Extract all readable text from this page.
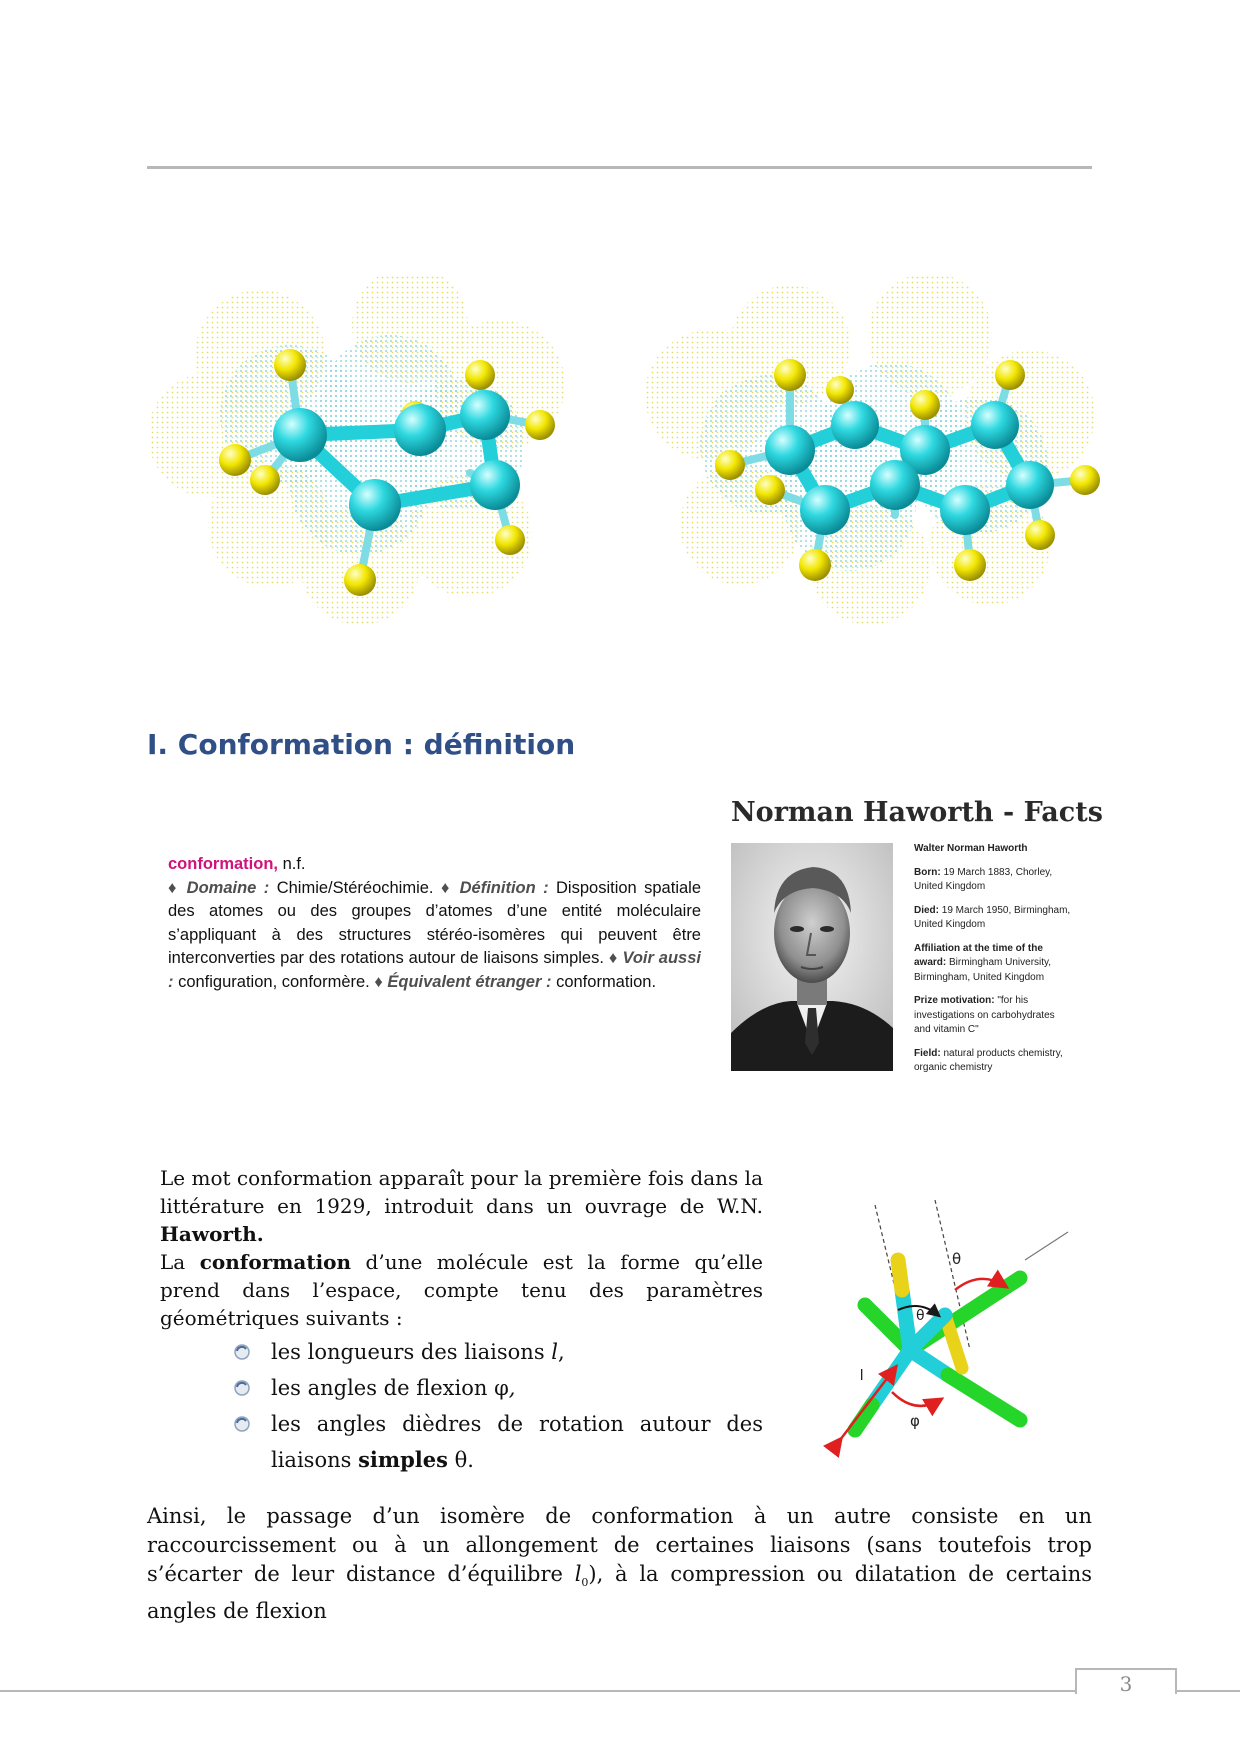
I. Conformation : définition
conformation, n.f.
♦ Domaine : Chimie/Stéréochimie. ♦ Définition : Disposition spatiale des atomes ou des groupes d’atomes d’une entité moléculaire s’appliquant à des structures stéréo-isomères qui peuvent être interconverties par des rotations autour de liaisons simples. ♦ Voir aussi : configuration, conformère. ♦ Équivalent étranger : conformation.
Norman Haworth - Facts
Walter Norman Haworth
Born: 19 March 1883, Chorley, United Kingdom
Died: 19 March 1950, Birmingham, United Kingdom
Affiliation at the time of the award: Birmingham University, Birmingham, United Kingdom
Prize motivation: "for his investigations on carbohydrates and vitamin C"
Field: natural products chemistry, organic chemistry
Le mot conformation apparaît pour la première fois dans la littérature en 1929, introduit dans un ouvrage de W.N. Haworth.
La conformation d’une molécule est la forme qu’elle prend dans l’espace, compte tenu des paramètres géométriques suivants :
les longueurs des liaisons l,
les angles de flexion φ,
les angles dièdres de rotation autour des
liaisons simples θ.
l
φ
θ
θ
Ainsi, le passage d’un isomère de conformation à un autre consiste en un raccourcissement ou à un allongement de certaines liaisons (sans toutefois trop s’écarter de leur distance d’équilibre $l_0$), à la compression ou dilatation de certains angles de flexion
3
